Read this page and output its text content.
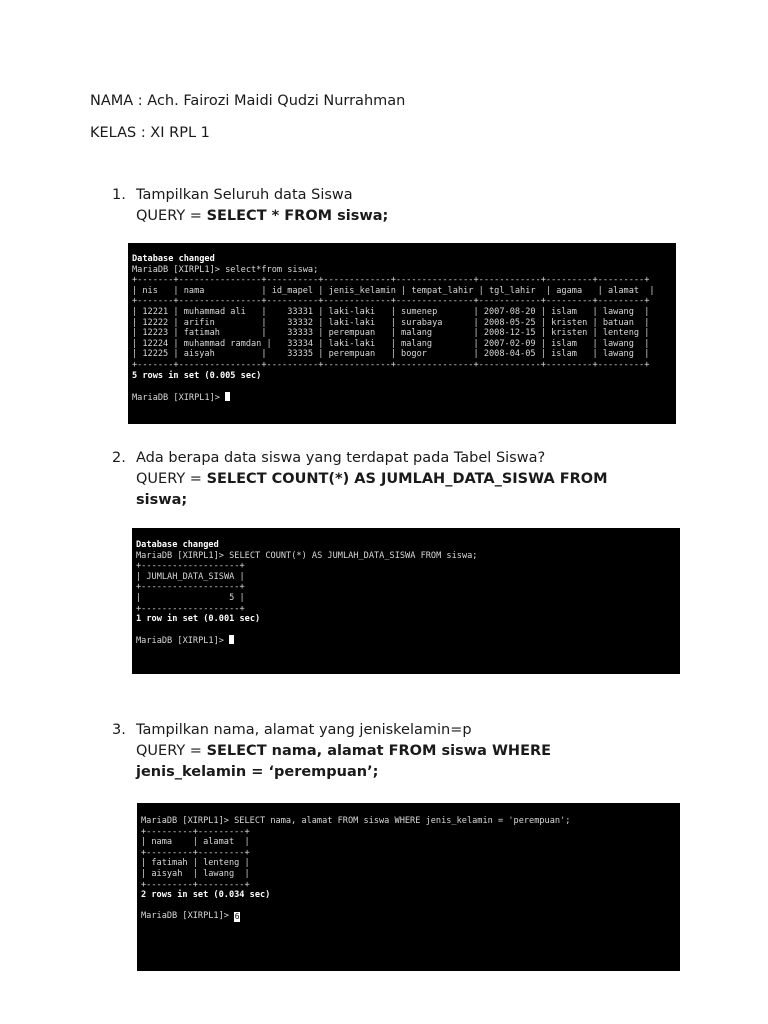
NAMA : Ach. Fairozi Maidi Qudzi Nurrahman
KELAS : XI RPL 1
1. Tampilkan Seluruh data Siswa
QUERY = SELECT * FROM siswa;
Database changed
MariaDB [XIRPL1]> select*from siswa;
+-------+----------------+----------+-------------+---------------+------------+---------+---------+
| nis   | nama           | id_mapel | jenis_kelamin | tempat_lahir | tgl_lahir  | agama   | alamat  |
+-------+----------------+----------+-------------+---------------+------------+---------+---------+
| 12221 | muhammad ali   |    33331 | laki-laki   | sumenep       | 2007-08-20 | islam   | lawang  |
| 12222 | arifin         |    33332 | laki-laki   | surabaya      | 2008-05-25 | kristen | batuan  |
| 12223 | fatimah        |    33333 | perempuan   | malang        | 2008-12-15 | kristen | lenteng |
| 12224 | muhammad ramdan |   33334 | laki-laki   | malang        | 2007-02-09 | islam   | lawang  |
| 12225 | aisyah         |    33335 | perempuan   | bogor         | 2008-04-05 | islam   | lawang  |
+-------+----------------+----------+-------------+---------------+------------+---------+---------+
5 rows in set (0.005 sec)

MariaDB [XIRPL1]>
2. Ada berapa data siswa yang terdapat pada Tabel Siswa?
QUERY = SELECT COUNT(*) AS JUMLAH_DATA_SISWA FROM siswa;
Database changed
MariaDB [XIRPL1]> SELECT COUNT(*) AS JUMLAH_DATA_SISWA FROM siswa;
+-------------------+
| JUMLAH_DATA_SISWA |
+-------------------+
|                 5 |
+-------------------+
1 row in set (0.001 sec)

MariaDB [XIRPL1]>
3. Tampilkan nama, alamat yang jeniskelamin=p
QUERY = SELECT nama, alamat FROM siswa WHERE jenis_kelamin = ‘perempuan’;
MariaDB [XIRPL1]> SELECT nama, alamat FROM siswa WHERE jenis_kelamin = 'perempuan';
+---------+---------+
| nama    | alamat  |
+---------+---------+
| fatimah | lenteng |
| aisyah  | lawang  |
+---------+---------+
2 rows in set (0.034 sec)

MariaDB [XIRPL1]> 6
